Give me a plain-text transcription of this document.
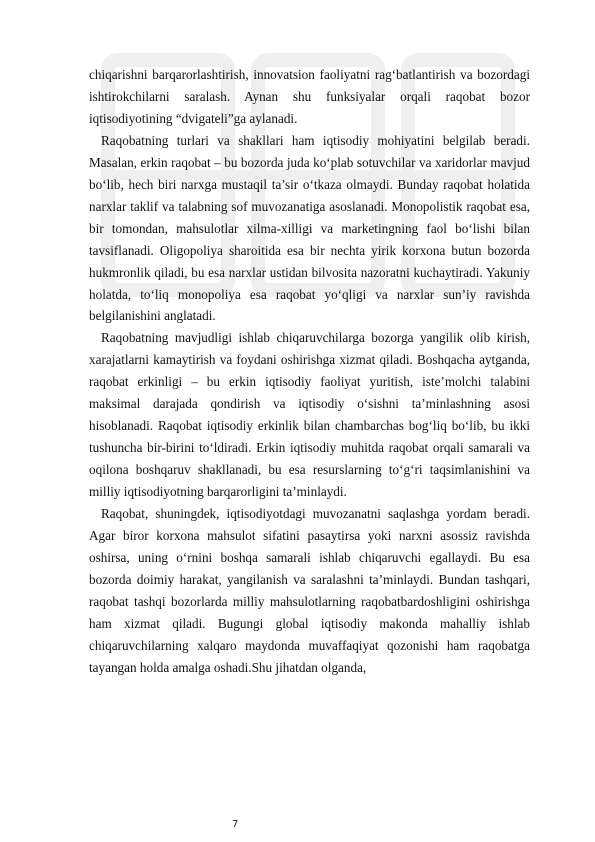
chiqarishni barqarorlashtirish, innovatsion faoliyatni rag‘batlantirish va bozordagi ishtirokchilarni saralash. Aynan shu funksiyalar orqali raqobat bozor iqtisodiyotining “dvigateli”ga aylanadi.

Raqobatning turlari va shakllari ham iqtisodiy mohiyatini belgilab beradi. Masalan, erkin raqobat – bu bozorda juda ko‘plab sotuvchilar va xaridorlar mavjud bo‘lib, hech biri narxga mustaqil ta’sir o‘tkaza olmaydi. Bunday raqobat holatida narxlar taklif va talabning sof muvozanatiga asoslanadi. Monopolistik raqobat esa, bir tomondan, mahsulotlar xilma-xilligi va marketingning faol bo‘lishi bilan tavsiflanadi. Oligopoliya sharoitida esa bir nechta yirik korxona butun bozorda hukmronlik qiladi, bu esa narxlar ustidan bilvosita nazoratni kuchaytiradi. Yakuniy holatda, to‘liq monopoliya esa raqobat yo‘qligi va narxlar sun’iy ravishda belgilanishini anglatadi.

Raqobatning mavjudligi ishlab chiqaruvchilarga bozorga yangilik olib kirish, xarajatlarni kamaytirish va foydani oshirishga xizmat qiladi. Boshqacha aytganda, raqobat erkinligi – bu erkin iqtisodiy faoliyat yuritish, iste’molchi talabini maksimal darajada qondirish va iqtisodiy o‘sishni ta’minlashning asosi hisoblanadi. Raqobat iqtisodiy erkinlik bilan chambarchas bog‘liq bo‘lib, bu ikki tushuncha bir-birini to‘ldiradi. Erkin iqtisodiy muhitda raqobat orqali samarali va oqilona boshqaruv shakllanadi, bu esa resurslarning to‘g‘ri taqsimlanishini va milliy iqtisodiyotning barqarorligini ta’minlaydi.

Raqobat, shuningdek, iqtisodiyotdagi muvozanatni saqlashga yordam beradi. Agar biror korxona mahsulot sifatini pasaytirsa yoki narxni asossiz ravishda oshirsa, uning o‘rnini boshqa samarali ishlab chiqaruvchi egallaydi. Bu esa bozorda doimiy harakat, yangilanish va saralashni ta’minlaydi. Bundan tashqari, raqobat tashqi bozorlarda milliy mahsulotlarning raqobatbardoshligini oshirishga ham xizmat qiladi. Bugungi global iqtisodiy makonda mahalliy ishlab chiqaruvchilarning xalqaro maydonda muvaffaqiyat qozonishi ham raqobatga tayangan holda amalga oshadi.Shu jihatdan olganda,

7
